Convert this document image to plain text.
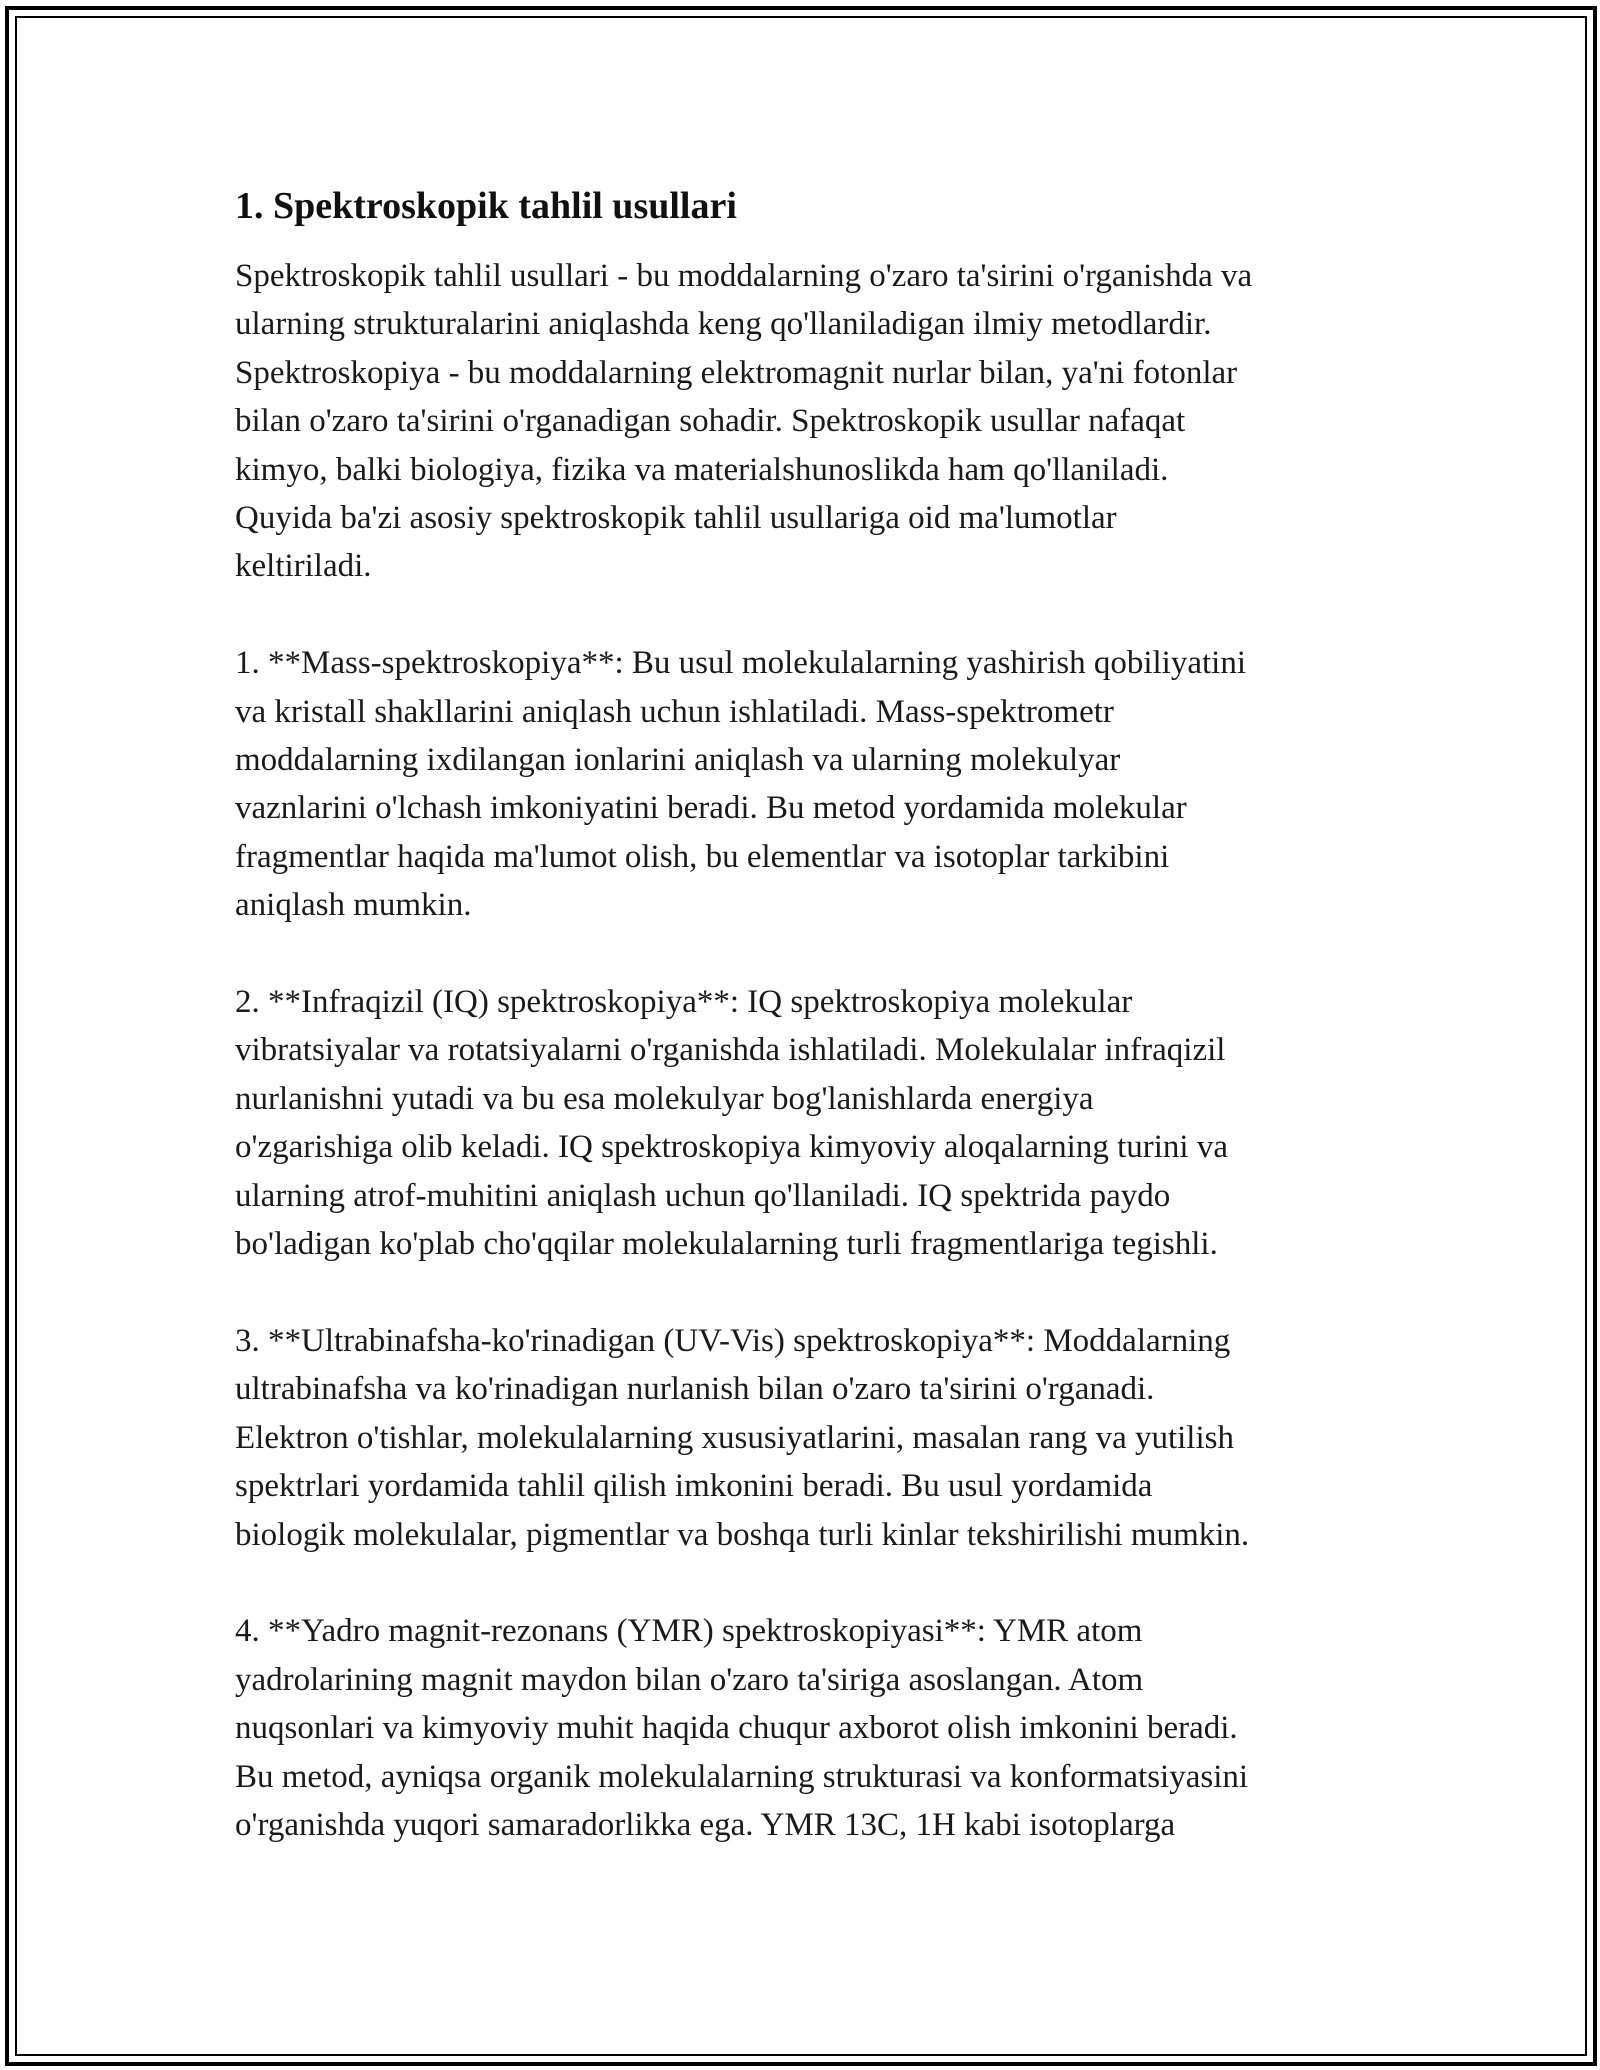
1. Spektroskopik tahlil usullari
Spektroskopik tahlil usullari - bu moddalarning o'zaro ta'sirini o'rganishda va
ularning strukturalarini aniqlashda keng qo'llaniladigan ilmiy metodlardir.
Spektroskopiya - bu moddalarning elektromagnit nurlar bilan, ya'ni fotonlar
bilan o'zaro ta'sirini o'rganadigan sohadir. Spektroskopik usullar nafaqat
kimyo, balki biologiya, fizika va materialshunoslikda ham qo'llaniladi.
Quyida ba'zi asosiy spektroskopik tahlil usullariga oid ma'lumotlar
keltiriladi.
1. **Mass-spektroskopiya**: Bu usul molekulalarning yashirish qobiliyatini
va kristall shakllarini aniqlash uchun ishlatiladi. Mass-spektrometr
moddalarning ixdilangan ionlarini aniqlash va ularning molekulyar
vaznlarini o'lchash imkoniyatini beradi. Bu metod yordamida molekular
fragmentlar haqida ma'lumot olish, bu elementlar va isotoplar tarkibini
aniqlash mumkin.
2. **Infraqizil (IQ) spektroskopiya**: IQ spektroskopiya molekular
vibratsiyalar va rotatsiyalarni o'rganishda ishlatiladi. Molekulalar infraqizil
nurlanishni yutadi va bu esa molekulyar bog'lanishlarda energiya
o'zgarishiga olib keladi. IQ spektroskopiya kimyoviy aloqalarning turini va
ularning atrof-muhitini aniqlash uchun qo'llaniladi. IQ spektrida paydo
bo'ladigan ko'plab cho'qqilar molekulalarning turli fragmentlariga tegishli.
3. **Ultrabinafsha-ko'rinadigan (UV-Vis) spektroskopiya**: Moddalarning
ultrabinafsha va ko'rinadigan nurlanish bilan o'zaro ta'sirini o'rganadi.
Elektron o'tishlar, molekulalarning xususiyatlarini, masalan rang va yutilish
spektrlari yordamida tahlil qilish imkonini beradi. Bu usul yordamida
biologik molekulalar, pigmentlar va boshqa turli kinlar tekshirilishi mumkin.
4. **Yadro magnit-rezonans (YMR) spektroskopiyasi**: YMR atom
yadrolarining magnit maydon bilan o'zaro ta'siriga asoslangan. Atom
nuqsonlari va kimyoviy muhit haqida chuqur axborot olish imkonini beradi.
Bu metod, ayniqsa organik molekulalarning strukturasi va konformatsiyasini
o'rganishda yuqori samaradorlikka ega. YMR 13C, 1H kabi isotoplarga
